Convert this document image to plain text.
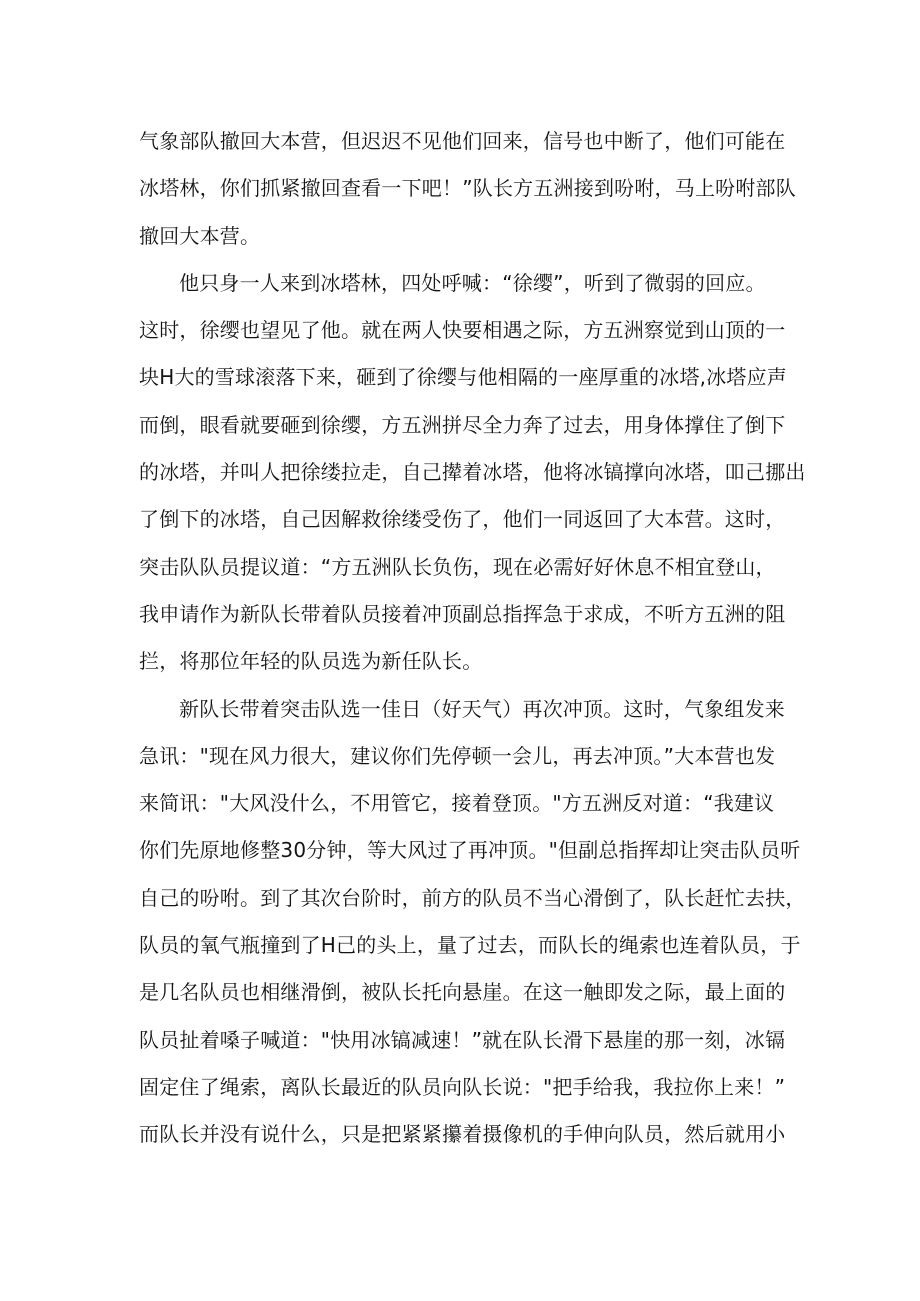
气象部队撤回大本营，但迟迟不见他们回来，信号也中断了，他们可能在
冰塔林，你们抓紧撤回查看一下吧！”队长方五洲接到吩咐，马上吩咐部队
撤回大本营。
他只身一人来到冰塔林，四处呼喊：“徐缨”，听到了微弱的回应。
这时，徐缨也望见了他。就在两人快要相遇之际，方五洲察觉到山顶的一
块H大的雪球滚落下来，砸到了徐缨与他相隔的一座厚重的冰塔,冰塔应声
而倒，眼看就要砸到徐缨，方五洲拼尽全力奔了过去，用身体撑住了倒下
的冰塔，并叫人把徐缕拉走，自己撵着冰塔，他将冰镐撑向冰塔，吅己挪出
了倒下的冰塔，自己因解救徐缕受伤了，他们一同返回了大本营。这时，
突击队队员提议道：“方五洲队长负伤，现在必需好好休息不相宜登山，
我申请作为新队长带着队员接着冲顶副总指挥急于求成，不听方五洲的阻
拦，将那位年轻的队员选为新任队长。
新队长带着突击队选一佳日（好天气）再次冲顶。这时，气象组发来
急讯："现在风力很大，建议你们先停顿一会儿，再去冲顶。”大本营也发
来简讯："大风没什么，不用管它，接着登顶。"方五洲反对道：“我建议
你们先原地修整30分钟，等大风过了再冲顶。"但副总指挥却让突击队员听
自己的吩咐。到了其次台阶时，前方的队员不当心滑倒了，队长赶忙去扶，
队员的氧气瓶撞到了H己的头上，量了过去，而队长的绳索也连着队员，于
是几名队员也相继滑倒，被队长托向悬崖。在这一触即发之际，最上面的
队员扯着嗓子喊道："快用冰镐减速！”就在队长滑下悬崖的那一刻，冰镉
固定住了绳索，离队长最近的队员向队长说："把手给我，我拉你上来！”
而队长并没有说什么，只是把紧紧攥着摄像机的手伸向队员，然后就用小
